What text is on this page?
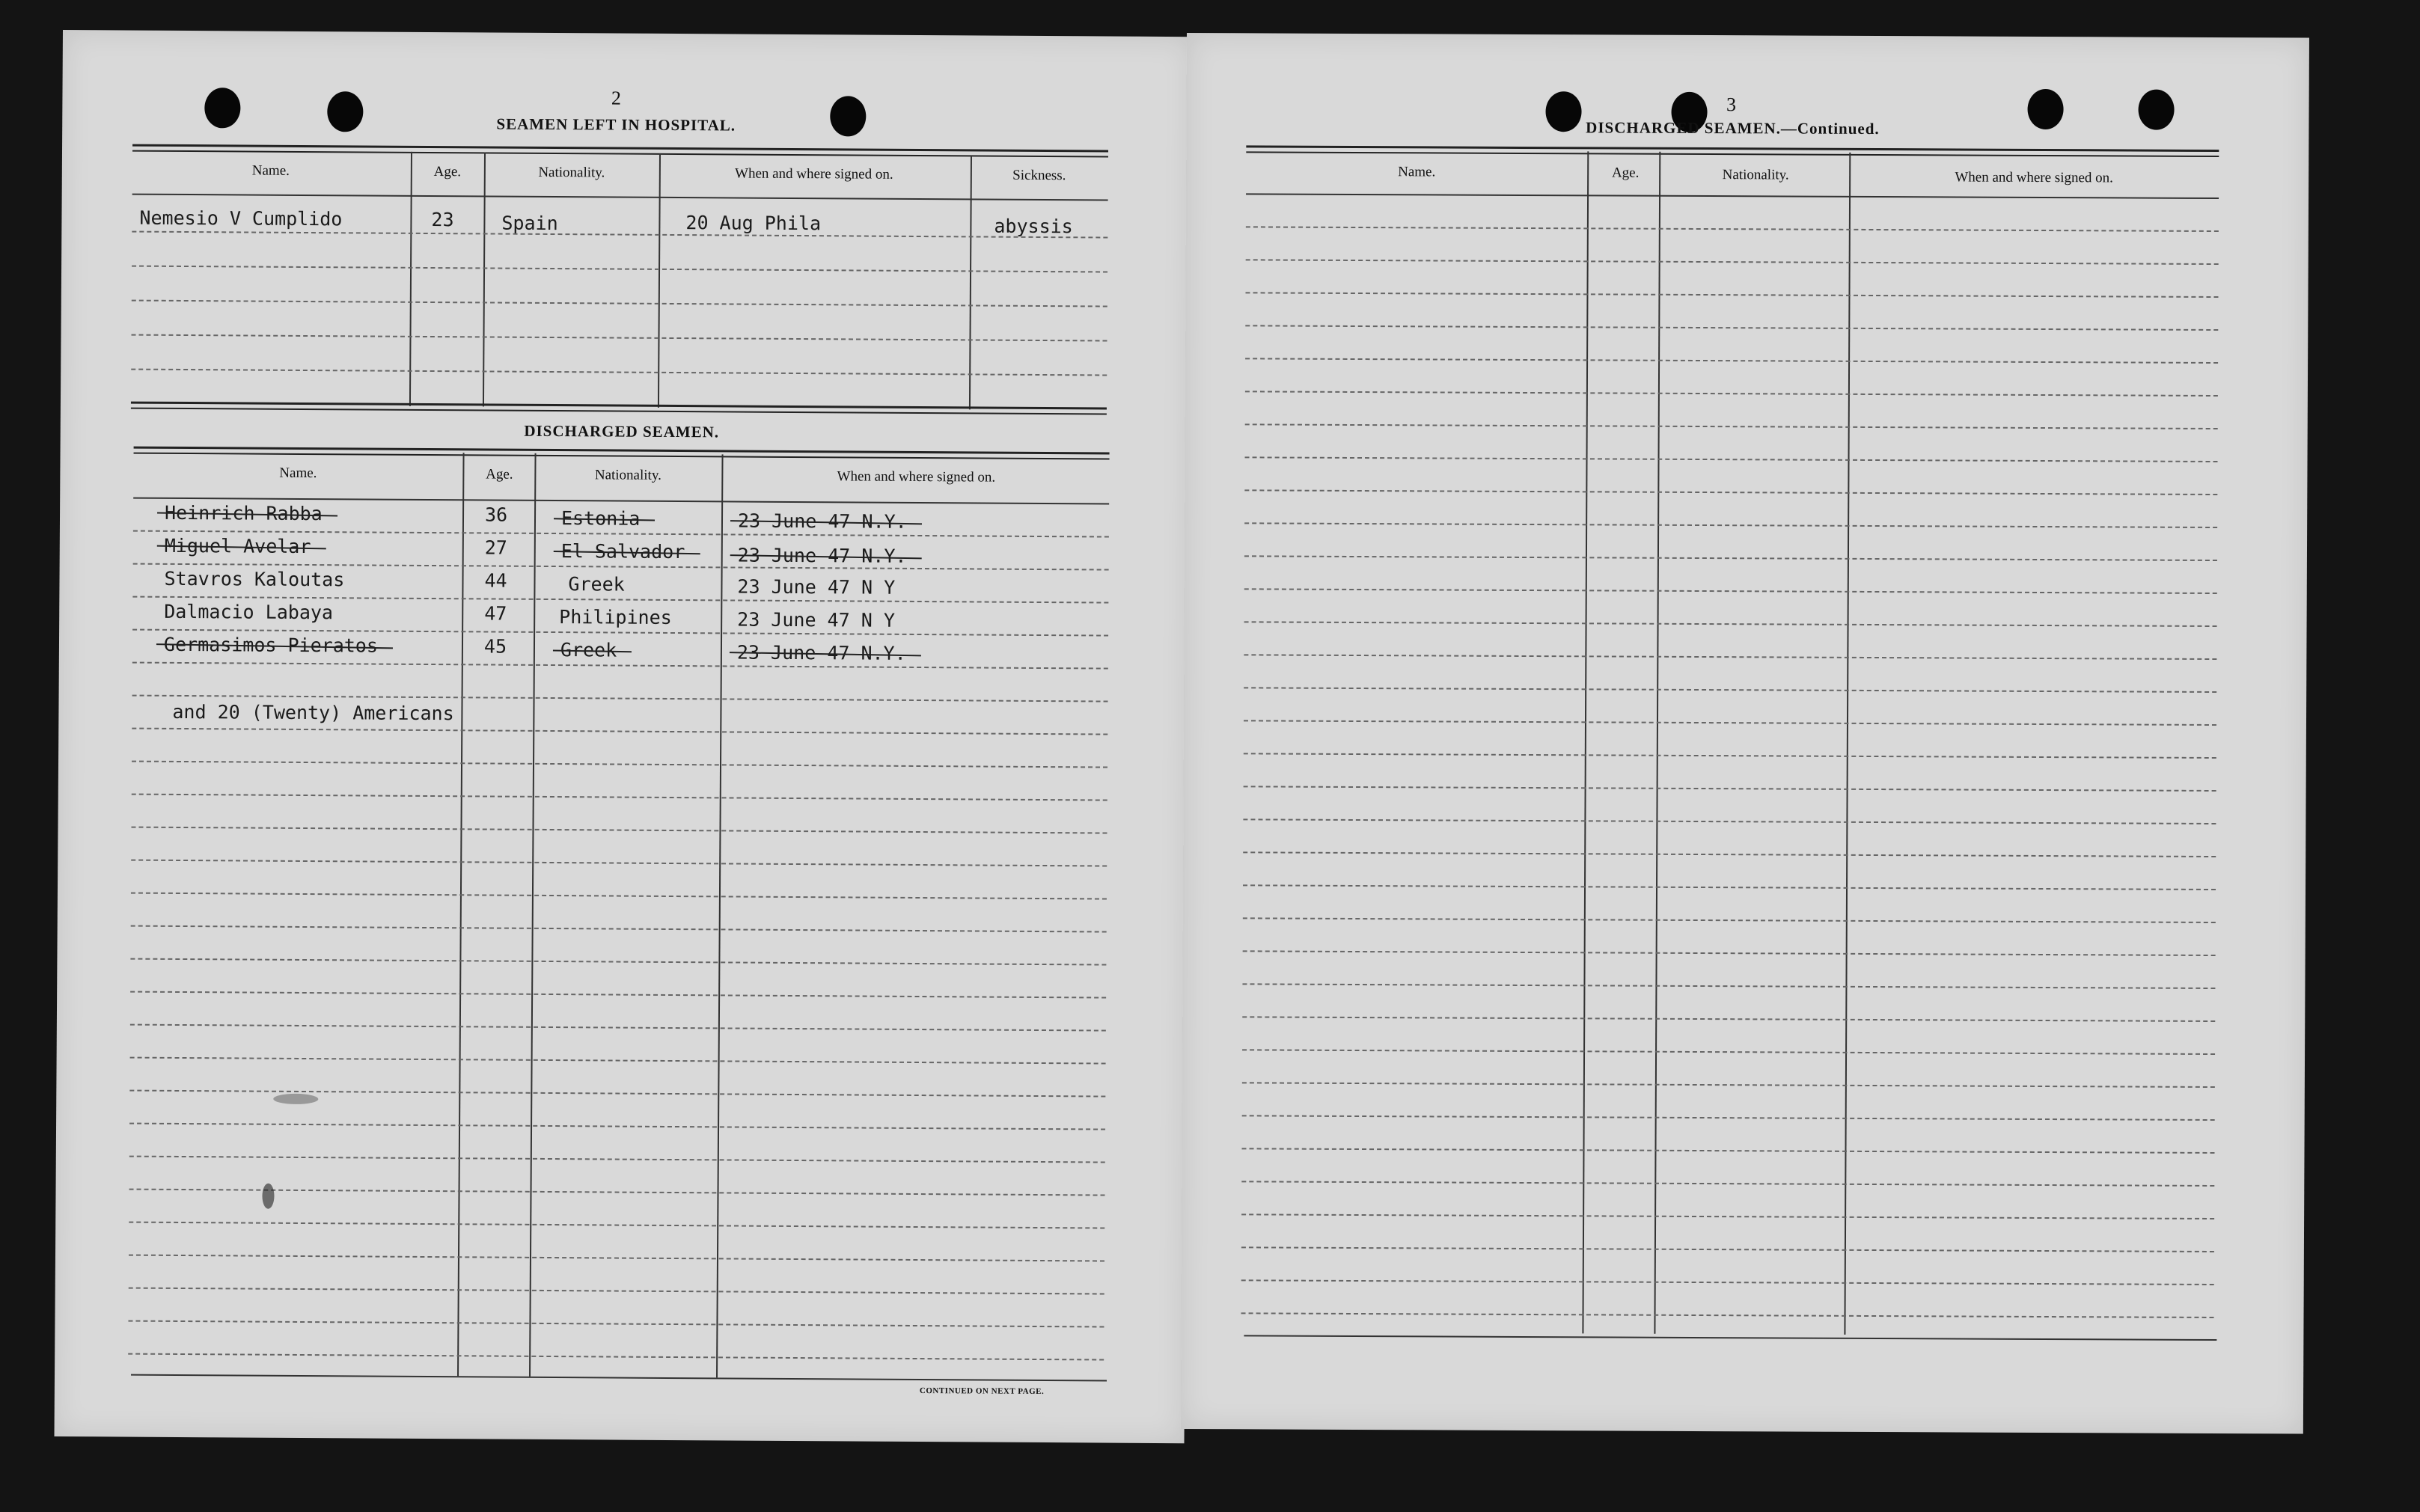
2
SEAMEN LEFT IN HOSPITAL.
Name.	Age.	Nationality.	When and where signed on.	Sickness.
Nemesio V Cumplido	23	Spain	20 Aug Phila	abyssis
DISCHARGED SEAMEN.
Name.	Age.	Nationality.	When and where signed on.
Heinrich Rabba	36	Estonia	23 June 47 N.Y.
Miguel Avelar	27	El Salvador	23 June 47 N.Y.
Stavros Kaloutas	44	Greek	23 June 47 N Y
Dalmacio Labaya	47	Philipines	23 June 47 N Y
Germasimos Pieratos	45	Greek	23 June 47 N.Y.
and 20 (Twenty) Americans
CONTINUED ON NEXT PAGE.
3
DISCHARGED SEAMEN.—Continued.
Name.	Age.	Nationality.	When and where signed on.
